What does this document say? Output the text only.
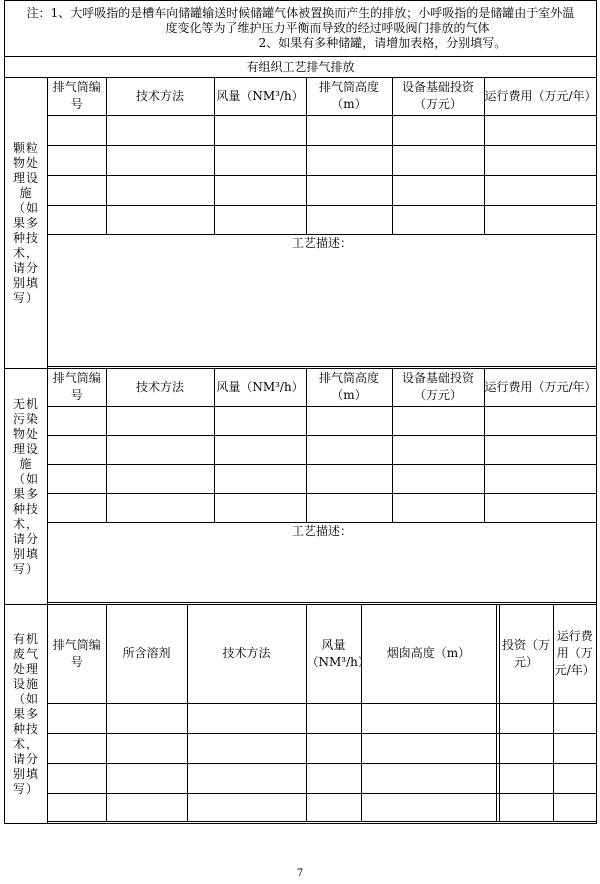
注：1、大呼吸指的是槽车向储罐输送时候储罐气体被置换而产生的排放；小呼吸指的是储罐由于室外温
度变化等为了维护压力平衡而导致的经过呼吸阀门排放的气体
2、如果有多种储罐，请增加表格，分别填写。

有组织工艺排气排放

颗粒
物处
理设
施
（如
果多
种技
术，
请分
别填
写）

排气筒编号	技术方法	风量（NM³/h）	排气筒高度（m）	设备基础投资（万元）	运行费用（万元/年）

工艺描述：

无机
污染
物处
理设
施
（如
果多
种技
术，
请分
别填
写）

排气筒编号	技术方法	风量（NM³/h）	排气筒高度（m）	设备基础投资（万元）	运行费用（万元/年）

工艺描述：

有机
废气
处理
设施
（如
果多
种技
术，
请分
别填
写）

排气筒编号	所含溶剂	技术方法	风量（NM³/h）	烟囱高度（m）		投资（万元）	运行费用（万元/年）

7
